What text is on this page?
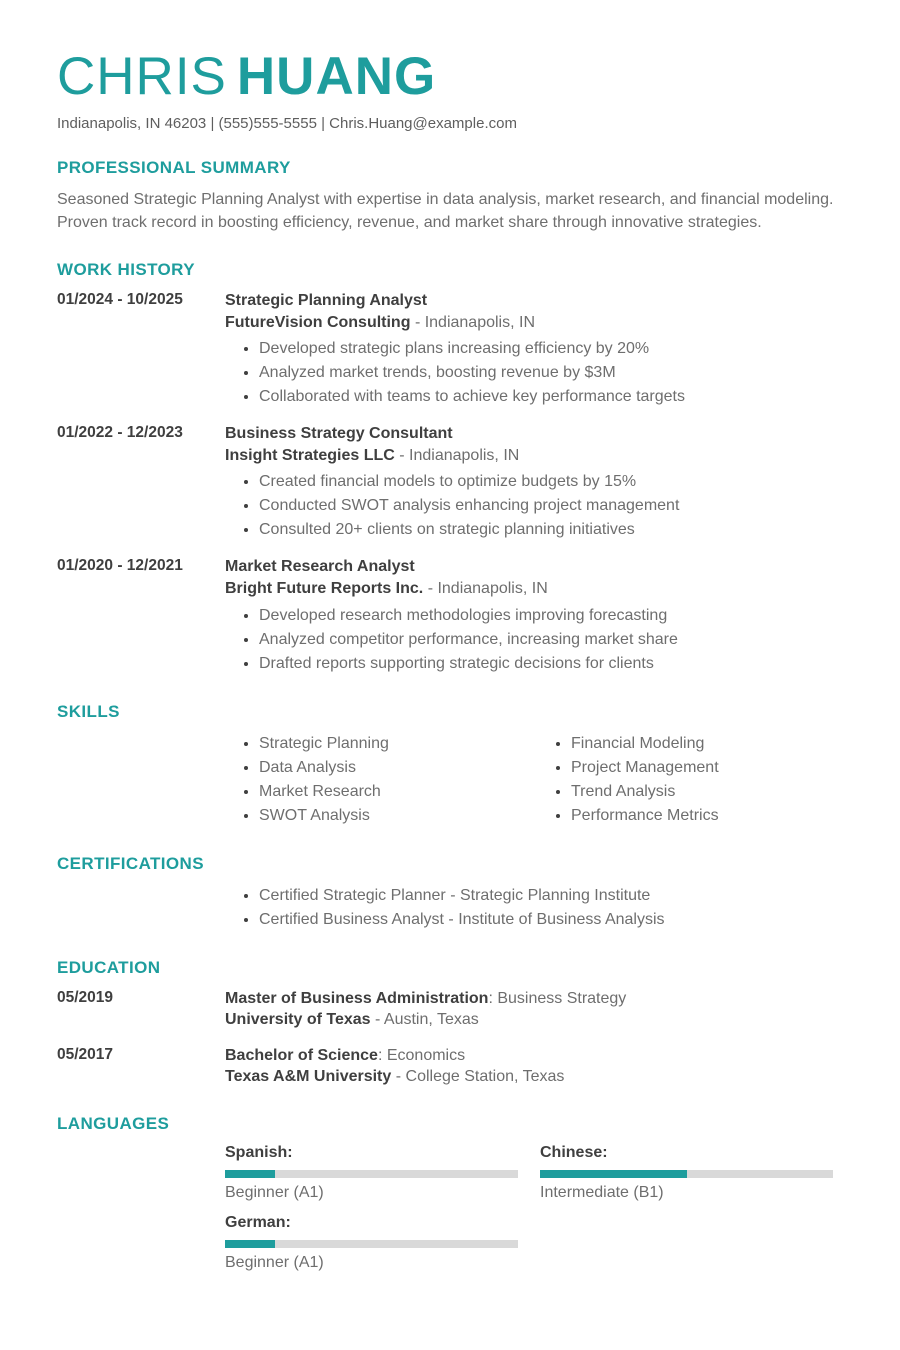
CHRIS HUANG
Indianapolis, IN 46203 | (555)555-5555 | Chris.Huang@example.com
PROFESSIONAL SUMMARY

Seasoned Strategic Planning Analyst with expertise in data analysis, market research, and financial modeling. Proven track record in boosting efficiency, revenue, and market share through innovative strategies.

WORK HISTORY
01/2024 - 10/2025	Strategic Planning Analyst
FutureVision Consulting - Indianapolis, IN
• Developed strategic plans increasing efficiency by 20%
• Analyzed market trends, boosting revenue by $3M
• Collaborated with teams to achieve key performance targets
01/2022 - 12/2023	Business Strategy Consultant
Insight Strategies LLC - Indianapolis, IN
• Created financial models to optimize budgets by 15%
• Conducted SWOT analysis enhancing project management
• Consulted 20+ clients on strategic planning initiatives
01/2020 - 12/2021	Market Research Analyst
Bright Future Reports Inc. - Indianapolis, IN
• Developed research methodologies improving forecasting
• Analyzed competitor performance, increasing market share
• Drafted reports supporting strategic decisions for clients
SKILLS
• Strategic Planning
• Data Analysis
• Market Research
• SWOT Analysis
• Financial Modeling
• Project Management
• Trend Analysis
• Performance Metrics
CERTIFICATIONS
• Certified Strategic Planner - Strategic Planning Institute
• Certified Business Analyst - Institute of Business Analysis
EDUCATION
05/2019	Master of Business Administration: Business Strategy
University of Texas - Austin, Texas
05/2017	Bachelor of Science: Economics
Texas A&M University - College Station, Texas
LANGUAGES
Spanish:
Beginner (A1)
Chinese:
Intermediate (B1)
German:
Beginner (A1)
